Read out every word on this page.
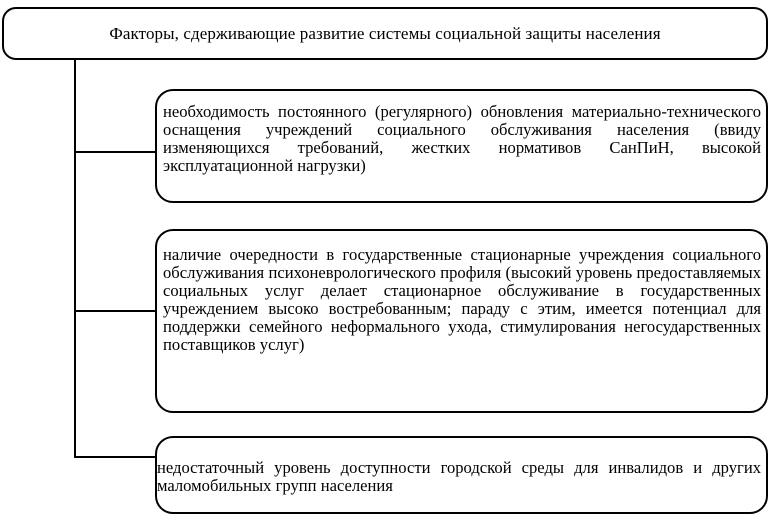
Факторы, сдерживающие развитие системы социальной защиты населения
необходимость постоянного (регулярного) обновления материально-технического оснащения учреждений социального обслуживания населения (ввиду изменяющихся требований, жестких нормативов СанПиН, высокой эксплуатационной нагрузки)
наличие очередности в государственные стационарные учреждения социального обслуживания психоневрологического профиля (высокий уровень предоставляемых социальных услуг делает стационарное обслуживание в государственных учреждением высоко востребованным; параду с этим, имеется потенциал для поддержки семейного неформального ухода, стимулирования негосударственных поставщиков услуг)
недостаточный уровень доступности городской среды для инвалидов и других маломобильных групп населения
